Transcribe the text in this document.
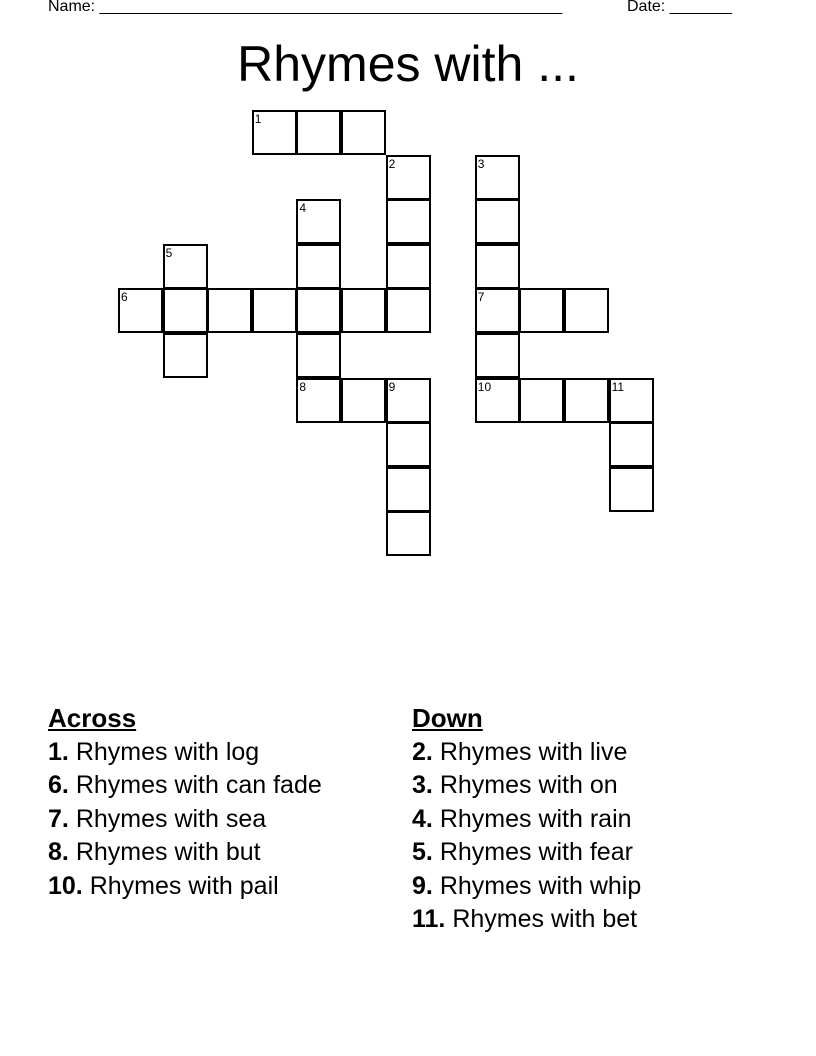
Name: ____________________________________________________	Date: _______
Rhymes with ...
1
2	3
4
5
6	7
8	9	10	11
Across
1. Rhymes with log
6. Rhymes with can fade
7. Rhymes with sea
8. Rhymes with but
10. Rhymes with pail
Down
2. Rhymes with live
3. Rhymes with on
4. Rhymes with rain
5. Rhymes with fear
9. Rhymes with whip
11. Rhymes with bet
